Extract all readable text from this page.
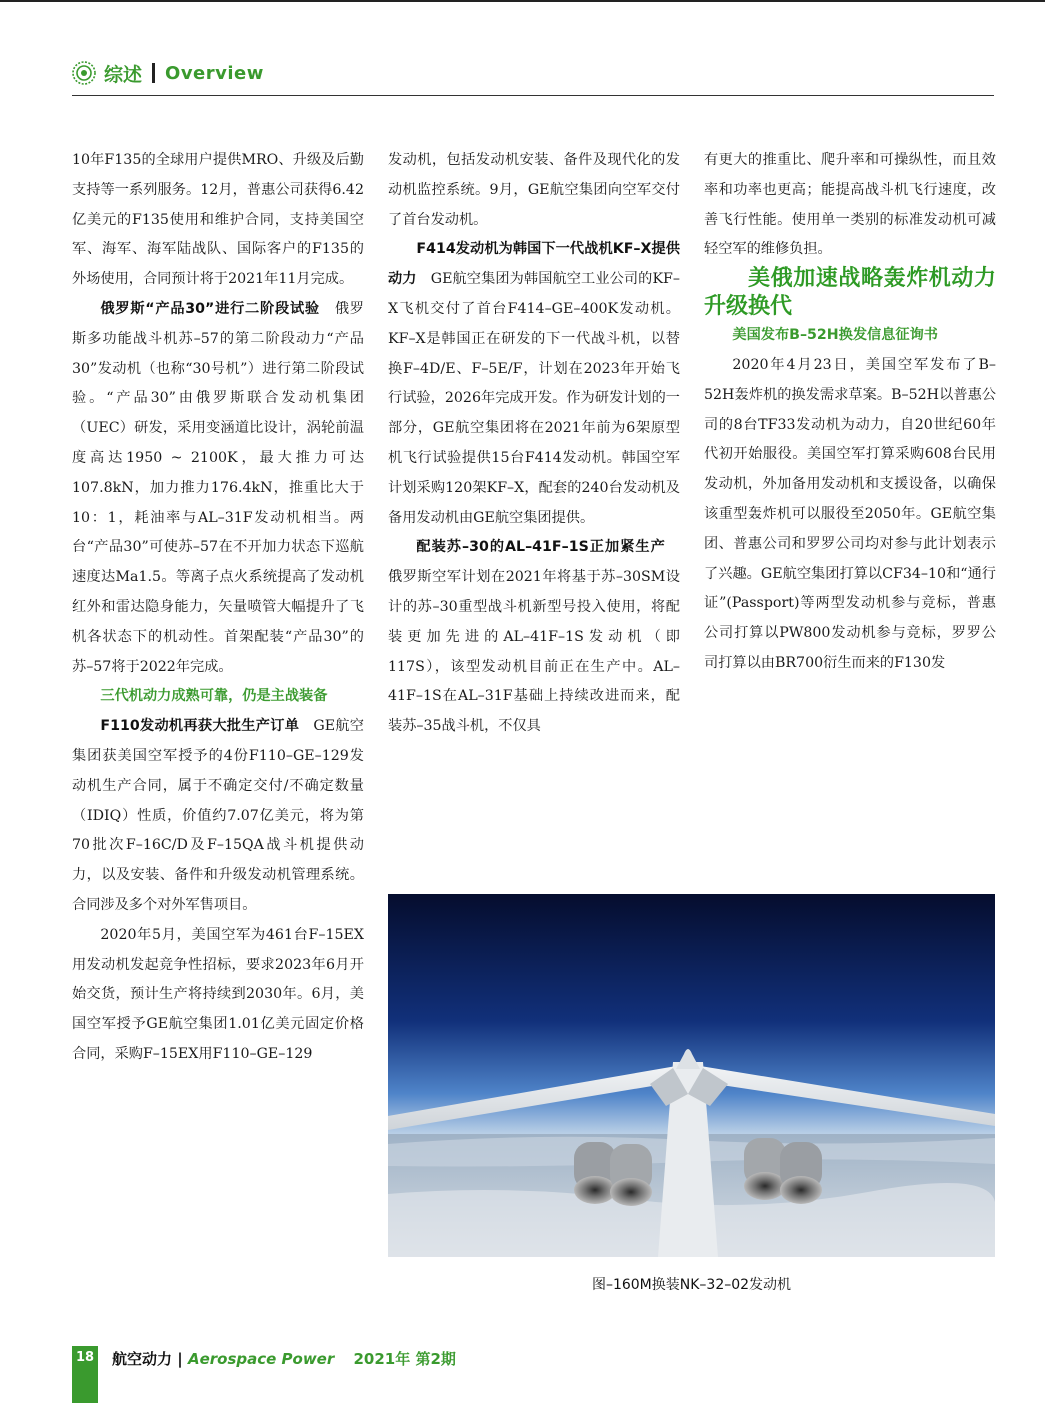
综述 Overview

10年F135的全球用户提供MRO、升级及后勤支持等一系列服务。12月，普惠公司获得6.42亿美元的F135使用和维护合同，支持美国空军、海军、海军陆战队、国际客户的F135的外场使用，合同预计将于2021年11月完成。

俄罗斯“产品30”进行二阶段试验  俄罗斯多功能战斗机苏–57的第二阶段动力“产品30”发动机（也称“30号机”）进行第二阶段试验。“产品30”由俄罗斯联合发动机集团（UEC）研发，采用变涵道比设计，涡轮前温度高达1950 ~ 2100K，最大推力可达107.8kN，加力推力176.4kN，推重比大于10：1，耗油率与AL–31F发动机相当。两台“产品30”可使苏–57在不开加力状态下巡航速度达Ma1.5。等离子点火系统提高了发动机红外和雷达隐身能力，矢量喷管大幅提升了飞机各状态下的机动性。首架配装“产品30”的苏–57将于2022年完成。

三代机动力成熟可靠，仍是主战装备

F110发动机再获大批生产订单  GE航空集团获美国空军授予的4份F110–GE–129发动机生产合同，属于不确定交付/不确定数量（IDIQ）性质，价值约7.07亿美元，将为第70批次F–16C/D及F–15QA战斗机提供动力，以及安装、备件和升级发动机管理系统。合同涉及多个对外军售项目。

2020年5月，美国空军为461台F–15EX用发动机发起竞争性招标，要求2023年6月开始交货，预计生产将持续到2030年。6月，美国空军授予GE航空集团1.01亿美元固定价格合同，采购F–15EX用F110–GE–129

发动机，包括发动机安装、备件及现代化的发动机监控系统。9月，GE航空集团向空军交付了首台发动机。

F414发动机为韩国下一代战机KF–X提供动力  GE航空集团为韩国航空工业公司的KF–X飞机交付了首台F414–GE–400K发动机。KF–X是韩国正在研发的下一代战斗机，以替换F–4D/E、F–5E/F，计划在2023年开始飞行试验，2026年完成开发。作为研发计划的一部分，GE航空集团将在2021年前为6架原型机飞行试验提供15台F414发动机。韩国空军计划采购120架KF–X，配套的240台发动机及备用发动机由GE航空集团提供。

配装苏–30的AL–41F–1S正加紧生产 俄罗斯空军计划在2021年将基于苏–30SM设计的苏–30重型战斗机新型号投入使用，将配装更加先进的AL–41F–1S发动机（即117S），该型发动机目前正在生产中。AL–41F–1S在AL–31F基础上持续改进而来，配装苏–35战斗机，不仅具

有更大的推重比、爬升率和可操纵性，而且效率和功率也更高；能提高战斗机飞行速度，改善飞行性能。使用单一类别的标准发动机可减轻空军的维修负担。

美俄加速战略轰炸机动力升级换代

美国发布B–52H换发信息征询书

2020年4月23日，美国空军发布了B–52H轰炸机的换发需求草案。B–52H以普惠公司的8台TF33发动机为动力，自20世纪60年代初开始服役。美国空军打算采购608台民用发动机，外加备用发动机和支援设备，以确保该重型轰炸机可以服役至2050年。GE航空集团、普惠公司和罗罗公司均对参与此计划表示了兴趣。GE航空集团打算以CF34–10和“通行证”(Passport)等两型发动机参与竞标，普惠公司打算以PW800发动机参与竞标，罗罗公司打算以由BR700衍生而来的F130发

图–160M换装NK–32–02发动机
18 航空动力 | Aerospace Power 2021年 第2期
